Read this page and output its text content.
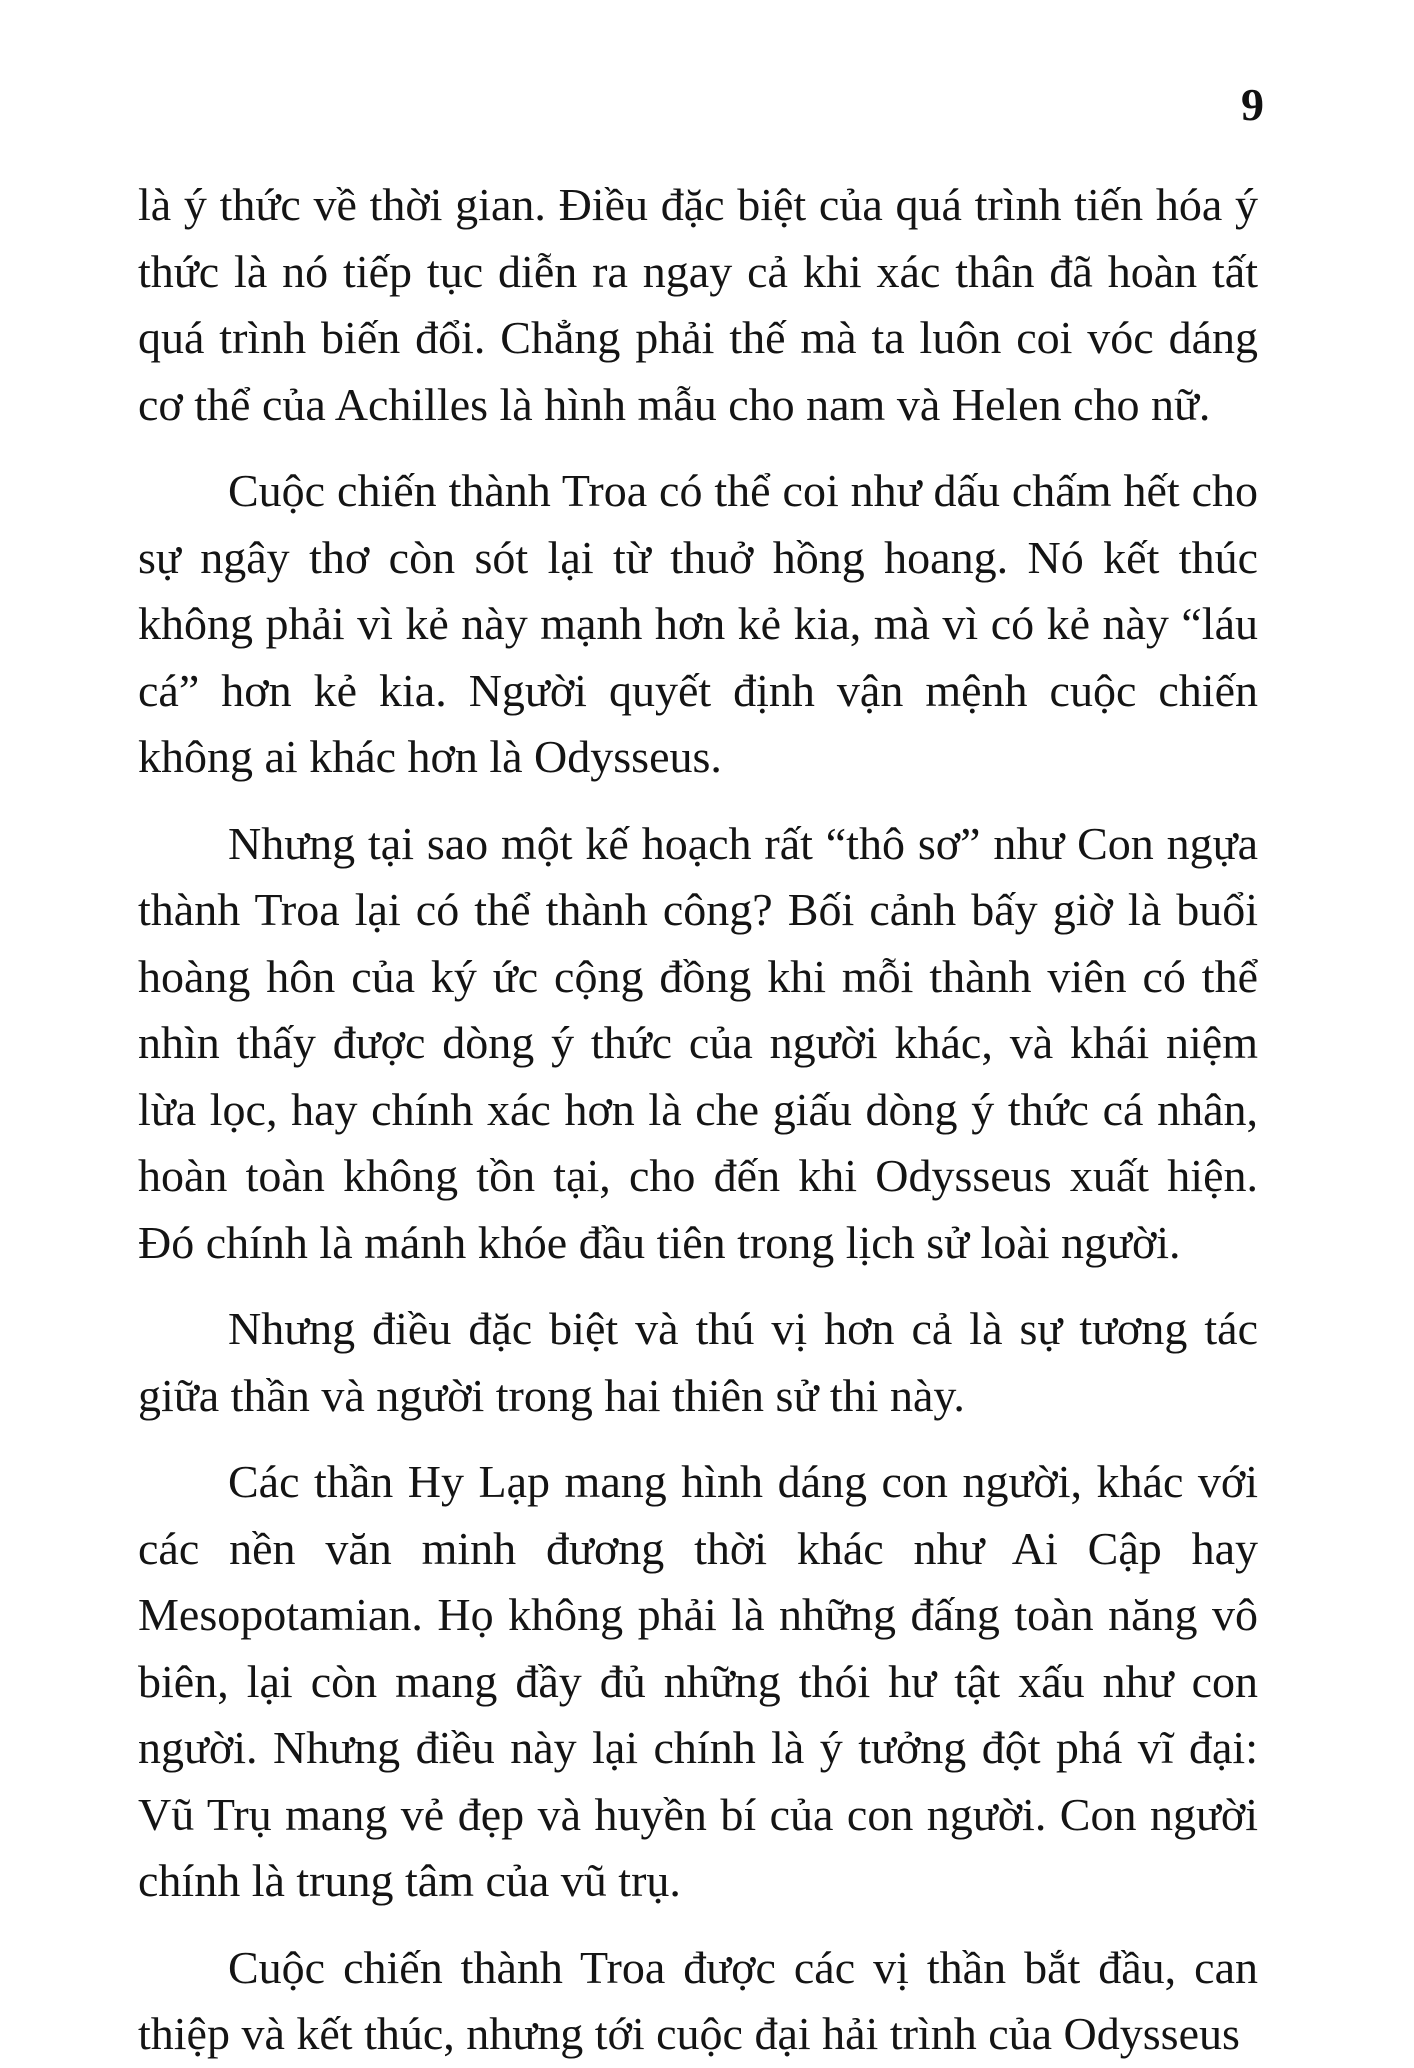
9

là ý thức về thời gian. Điều đặc biệt của quá trình tiến hóa ý thức là nó tiếp tục diễn ra ngay cả khi xác thân đã hoàn tất quá trình biến đổi. Chẳng phải thế mà ta luôn coi vóc dáng cơ thể của Achilles là hình mẫu cho nam và Helen cho nữ.

Cuộc chiến thành Troa có thể coi như dấu chấm hết cho sự ngây thơ còn sót lại từ thuở hồng hoang. Nó kết thúc không phải vì kẻ này mạnh hơn kẻ kia, mà vì có kẻ này “láu cá” hơn kẻ kia. Người quyết định vận mệnh cuộc chiến không ai khác hơn là Odysseus.

Nhưng tại sao một kế hoạch rất “thô sơ” như Con ngựa thành Troa lại có thể thành công? Bối cảnh bấy giờ là buổi hoàng hôn của ký ức cộng đồng khi mỗi thành viên có thể nhìn thấy được dòng ý thức của người khác, và khái niệm lừa lọc, hay chính xác hơn là che giấu dòng ý thức cá nhân, hoàn toàn không tồn tại, cho đến khi Odysseus xuất hiện. Đó chính là mánh khóe đầu tiên trong lịch sử loài người.

Nhưng điều đặc biệt và thú vị hơn cả là sự tương tác giữa thần và người trong hai thiên sử thi này.

Các thần Hy Lạp mang hình dáng con người, khác với các nền văn minh đương thời khác như Ai Cập hay Mesopotamian. Họ không phải là những đấng toàn năng vô biên, lại còn mang đầy đủ những thói hư tật xấu như con người. Nhưng điều này lại chính là ý tưởng đột phá vĩ đại: Vũ Trụ mang vẻ đẹp và huyền bí của con người. Con người chính là trung tâm của vũ trụ.

Cuộc chiến thành Troa được các vị thần bắt đầu, can thiệp và kết thúc, nhưng tới cuộc đại hải trình của Odysseus
